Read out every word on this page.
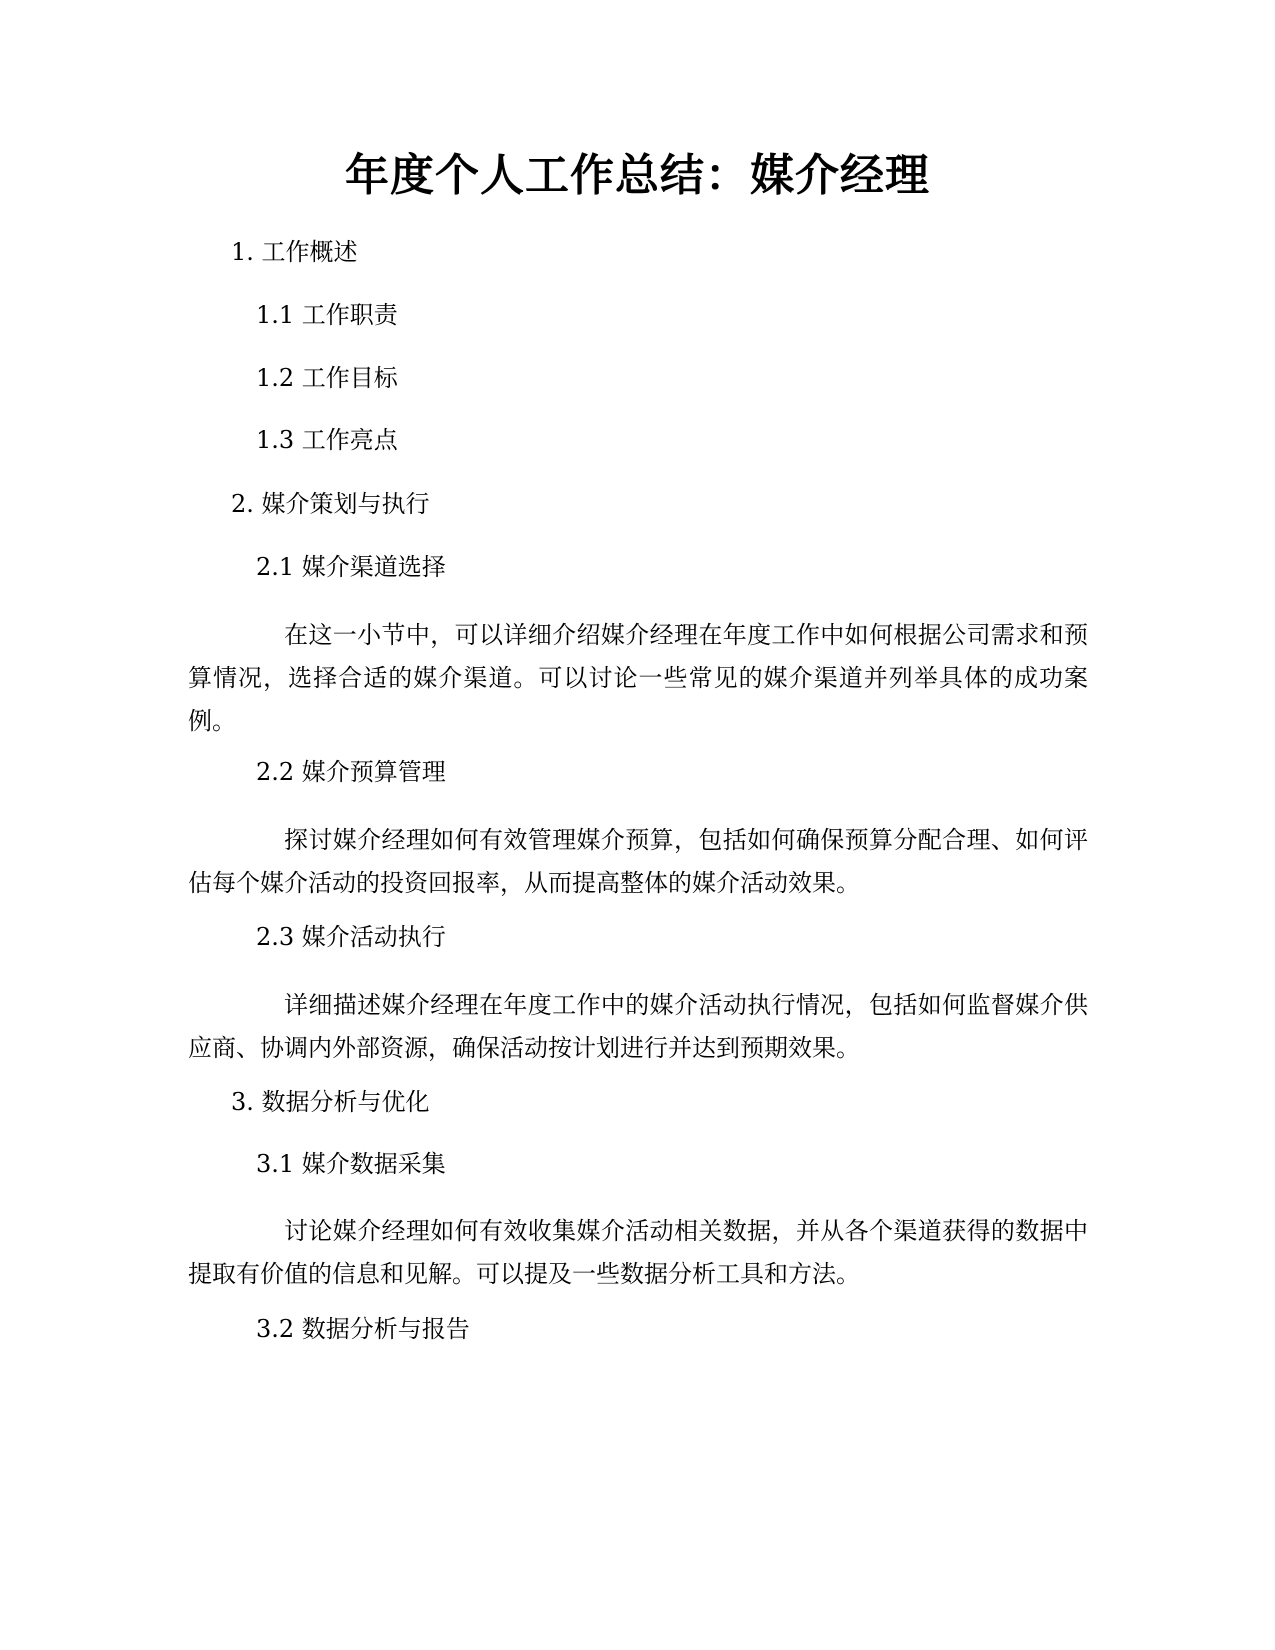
年度个人工作总结：媒介经理

1. 工作概述

1.1 工作职责

1.2 工作目标

1.3 工作亮点

2. 媒介策划与执行

2.1 媒介渠道选择

在这一小节中，可以详细介绍媒介经理在年度工作中如何根据公司需求和预算情况，选择合适的媒介渠道。可以讨论一些常见的媒介渠道并列举具体的成功案例。

2.2 媒介预算管理

探讨媒介经理如何有效管理媒介预算，包括如何确保预算分配合理、如何评估每个媒介活动的投资回报率，从而提高整体的媒介活动效果。

2.3 媒介活动执行

详细描述媒介经理在年度工作中的媒介活动执行情况，包括如何监督媒介供应商、协调内外部资源，确保活动按计划进行并达到预期效果。

3. 数据分析与优化

3.1 媒介数据采集

讨论媒介经理如何有效收集媒介活动相关数据，并从各个渠道获得的数据中提取有价值的信息和见解。可以提及一些数据分析工具和方法。

3.2 数据分析与报告
